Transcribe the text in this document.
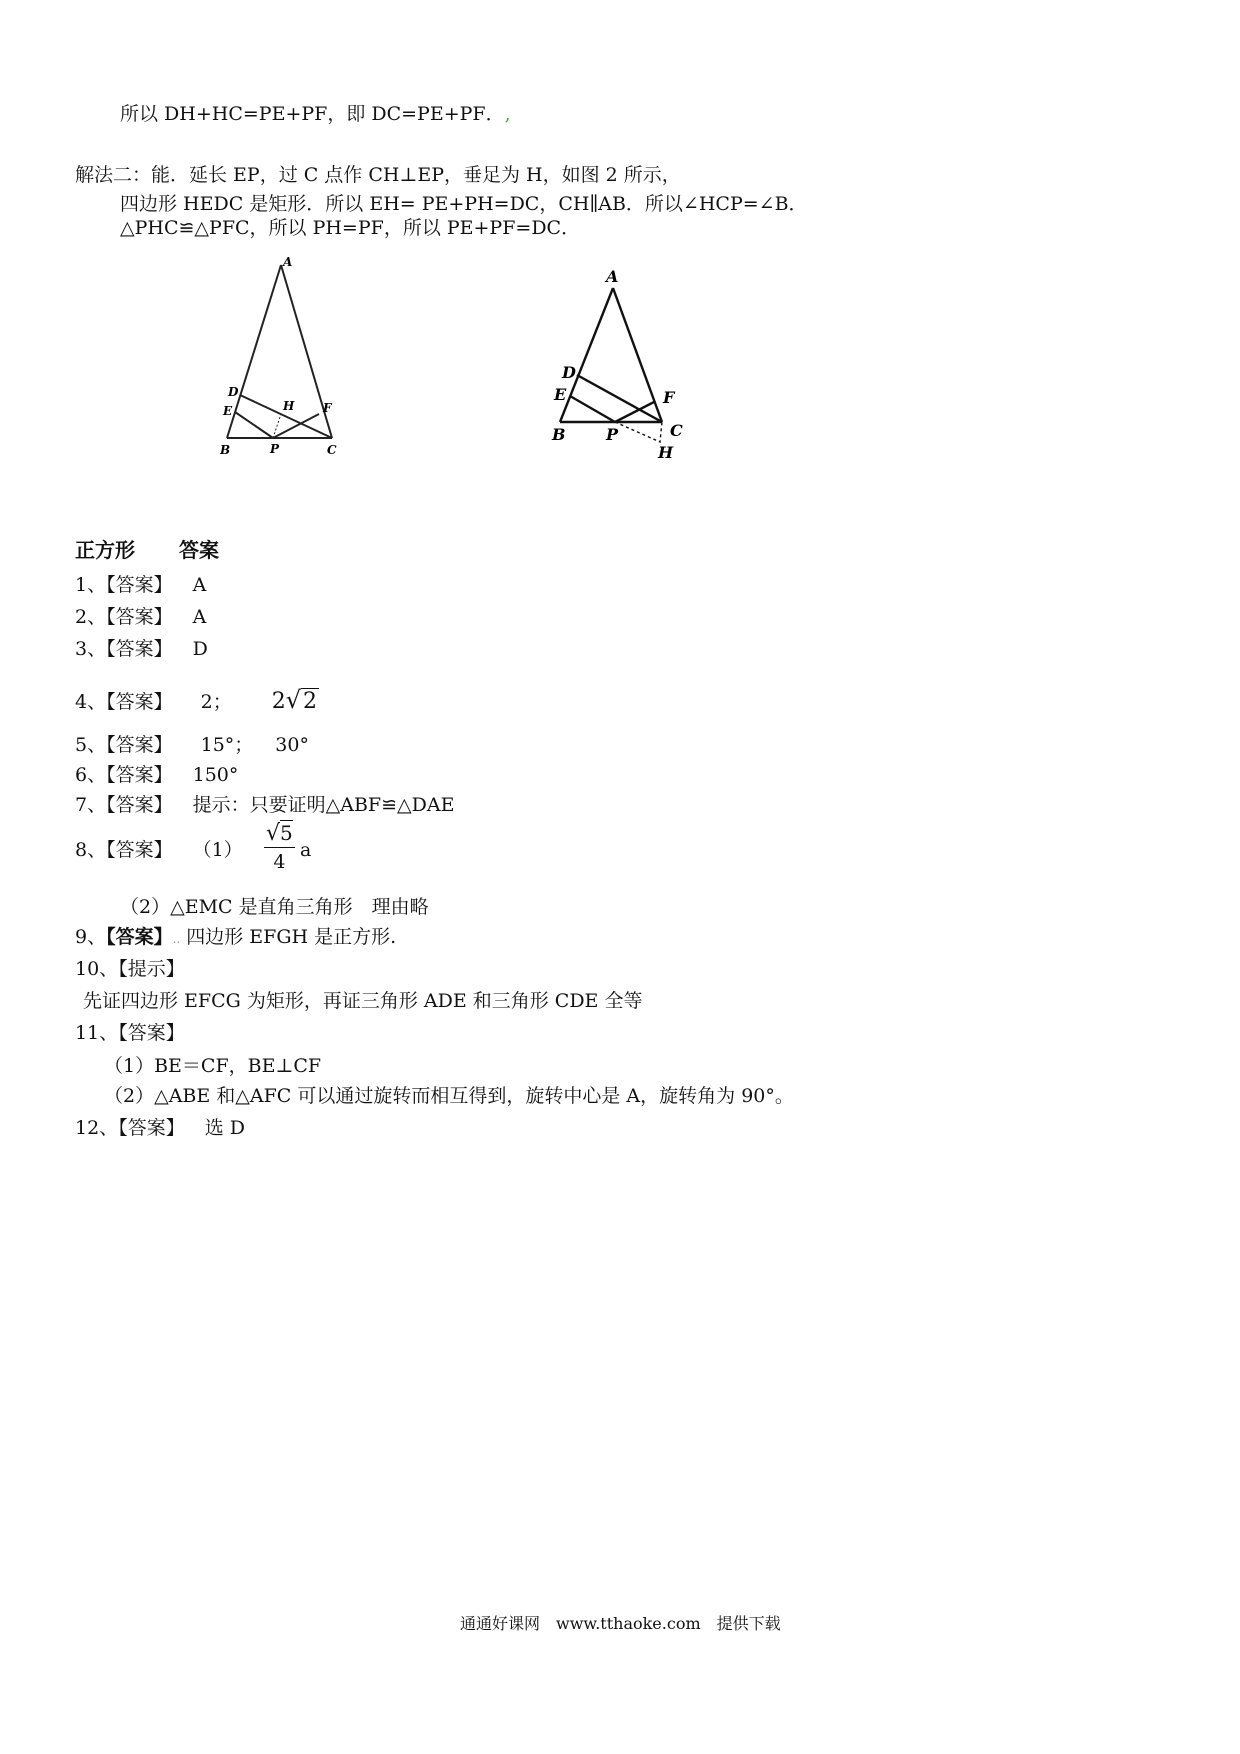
所以 DH+HC=PE+PF，即 DC=PE+PF．,
解法二：能．延长 EP，过 C 点作 CH⊥EP，垂足为 H，如图 2 所示，
四边形 HEDC 是矩形．所以 EH= PE+PH=DC，CH∥AB．所以∠HCP=∠B．
△PHC≌△PFC，所以 PH=PF，所以 PE+PF=DC．
A
D
E	H F
B	P	C
A
D
E	F
B	P	C
H
正方形 答案
1、【答案】 A
2、【答案】 A
3、【答案】 D
4、【答案】 2； 2√2
5、【答案】 15°； 30°
6、【答案】 150°
7、【答案】 提示：只要证明△ABF≌△DAE
8、【答案】 $(1) \frac{√5}{4}$ a
（2）△EMC 是直角三角形　理由略
9、【答案】.. 四边形 EFGH 是正方形.
10、【提示】
先证四边形 EFCG 为矩形，再证三角形 ADE 和三角形 CDE 全等
11、【答案】
（1）BE＝CF，BE⊥CF
（2）△ABE 和△AFC 可以通过旋转而相互得到，旋转中心是 A，旋转角为 90°。
12、【答案】 选 D
通通好课网　www.tthaoke.com　提供下载
